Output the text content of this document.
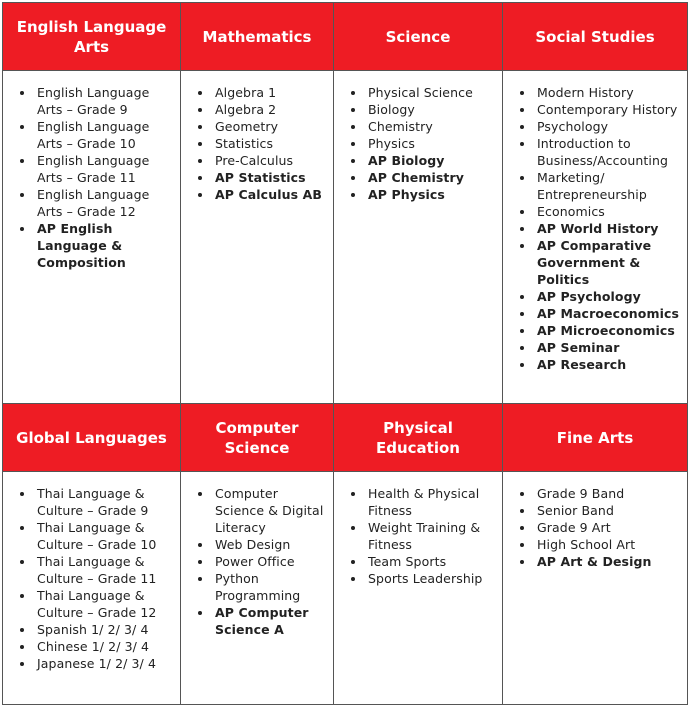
English Language Arts
Mathematics	Science	Social Studies
• English Language Arts – Grade 9
• English Language Arts – Grade 10
• English Language Arts – Grade 11
• English Language Arts – Grade 12
• AP English Language & Composition
• Algebra 1
• Algebra 2
• Geometry
• Statistics
• Pre-Calculus
• AP Statistics
• AP Calculus AB
• Physical Science
• Biology
• Chemistry
• Physics
• AP Biology
• AP Chemistry
• AP Physics
• Modern History
• Contemporary History
• Psychology
• Introduction to Business/Accounting
• Marketing/ Entrepreneurship
• Economics
• AP World History
• AP Comparative Government & Politics
• AP Psychology
• AP Macroeconomics
• AP Microeconomics
• AP Seminar
• AP Research
Global Languages
Computer Science
Physical Education
Fine Arts
• Thai Language & Culture – Grade 9
• Thai Language & Culture – Grade 10
• Thai Language & Culture – Grade 11
• Thai Language & Culture – Grade 12
• Spanish 1/ 2/ 3/ 4
• Chinese 1/ 2/ 3/ 4
• Japanese 1/ 2/ 3/ 4
• Computer Science & Digital Literacy
• Web Design
• Power Office
• Python Programming
• AP Computer Science A
• Health & Physical Fitness
• Weight Training & Fitness
• Team Sports
• Sports Leadership
• Grade 9 Band
• Senior Band
• Grade 9 Art
• High School Art
• AP Art & Design
